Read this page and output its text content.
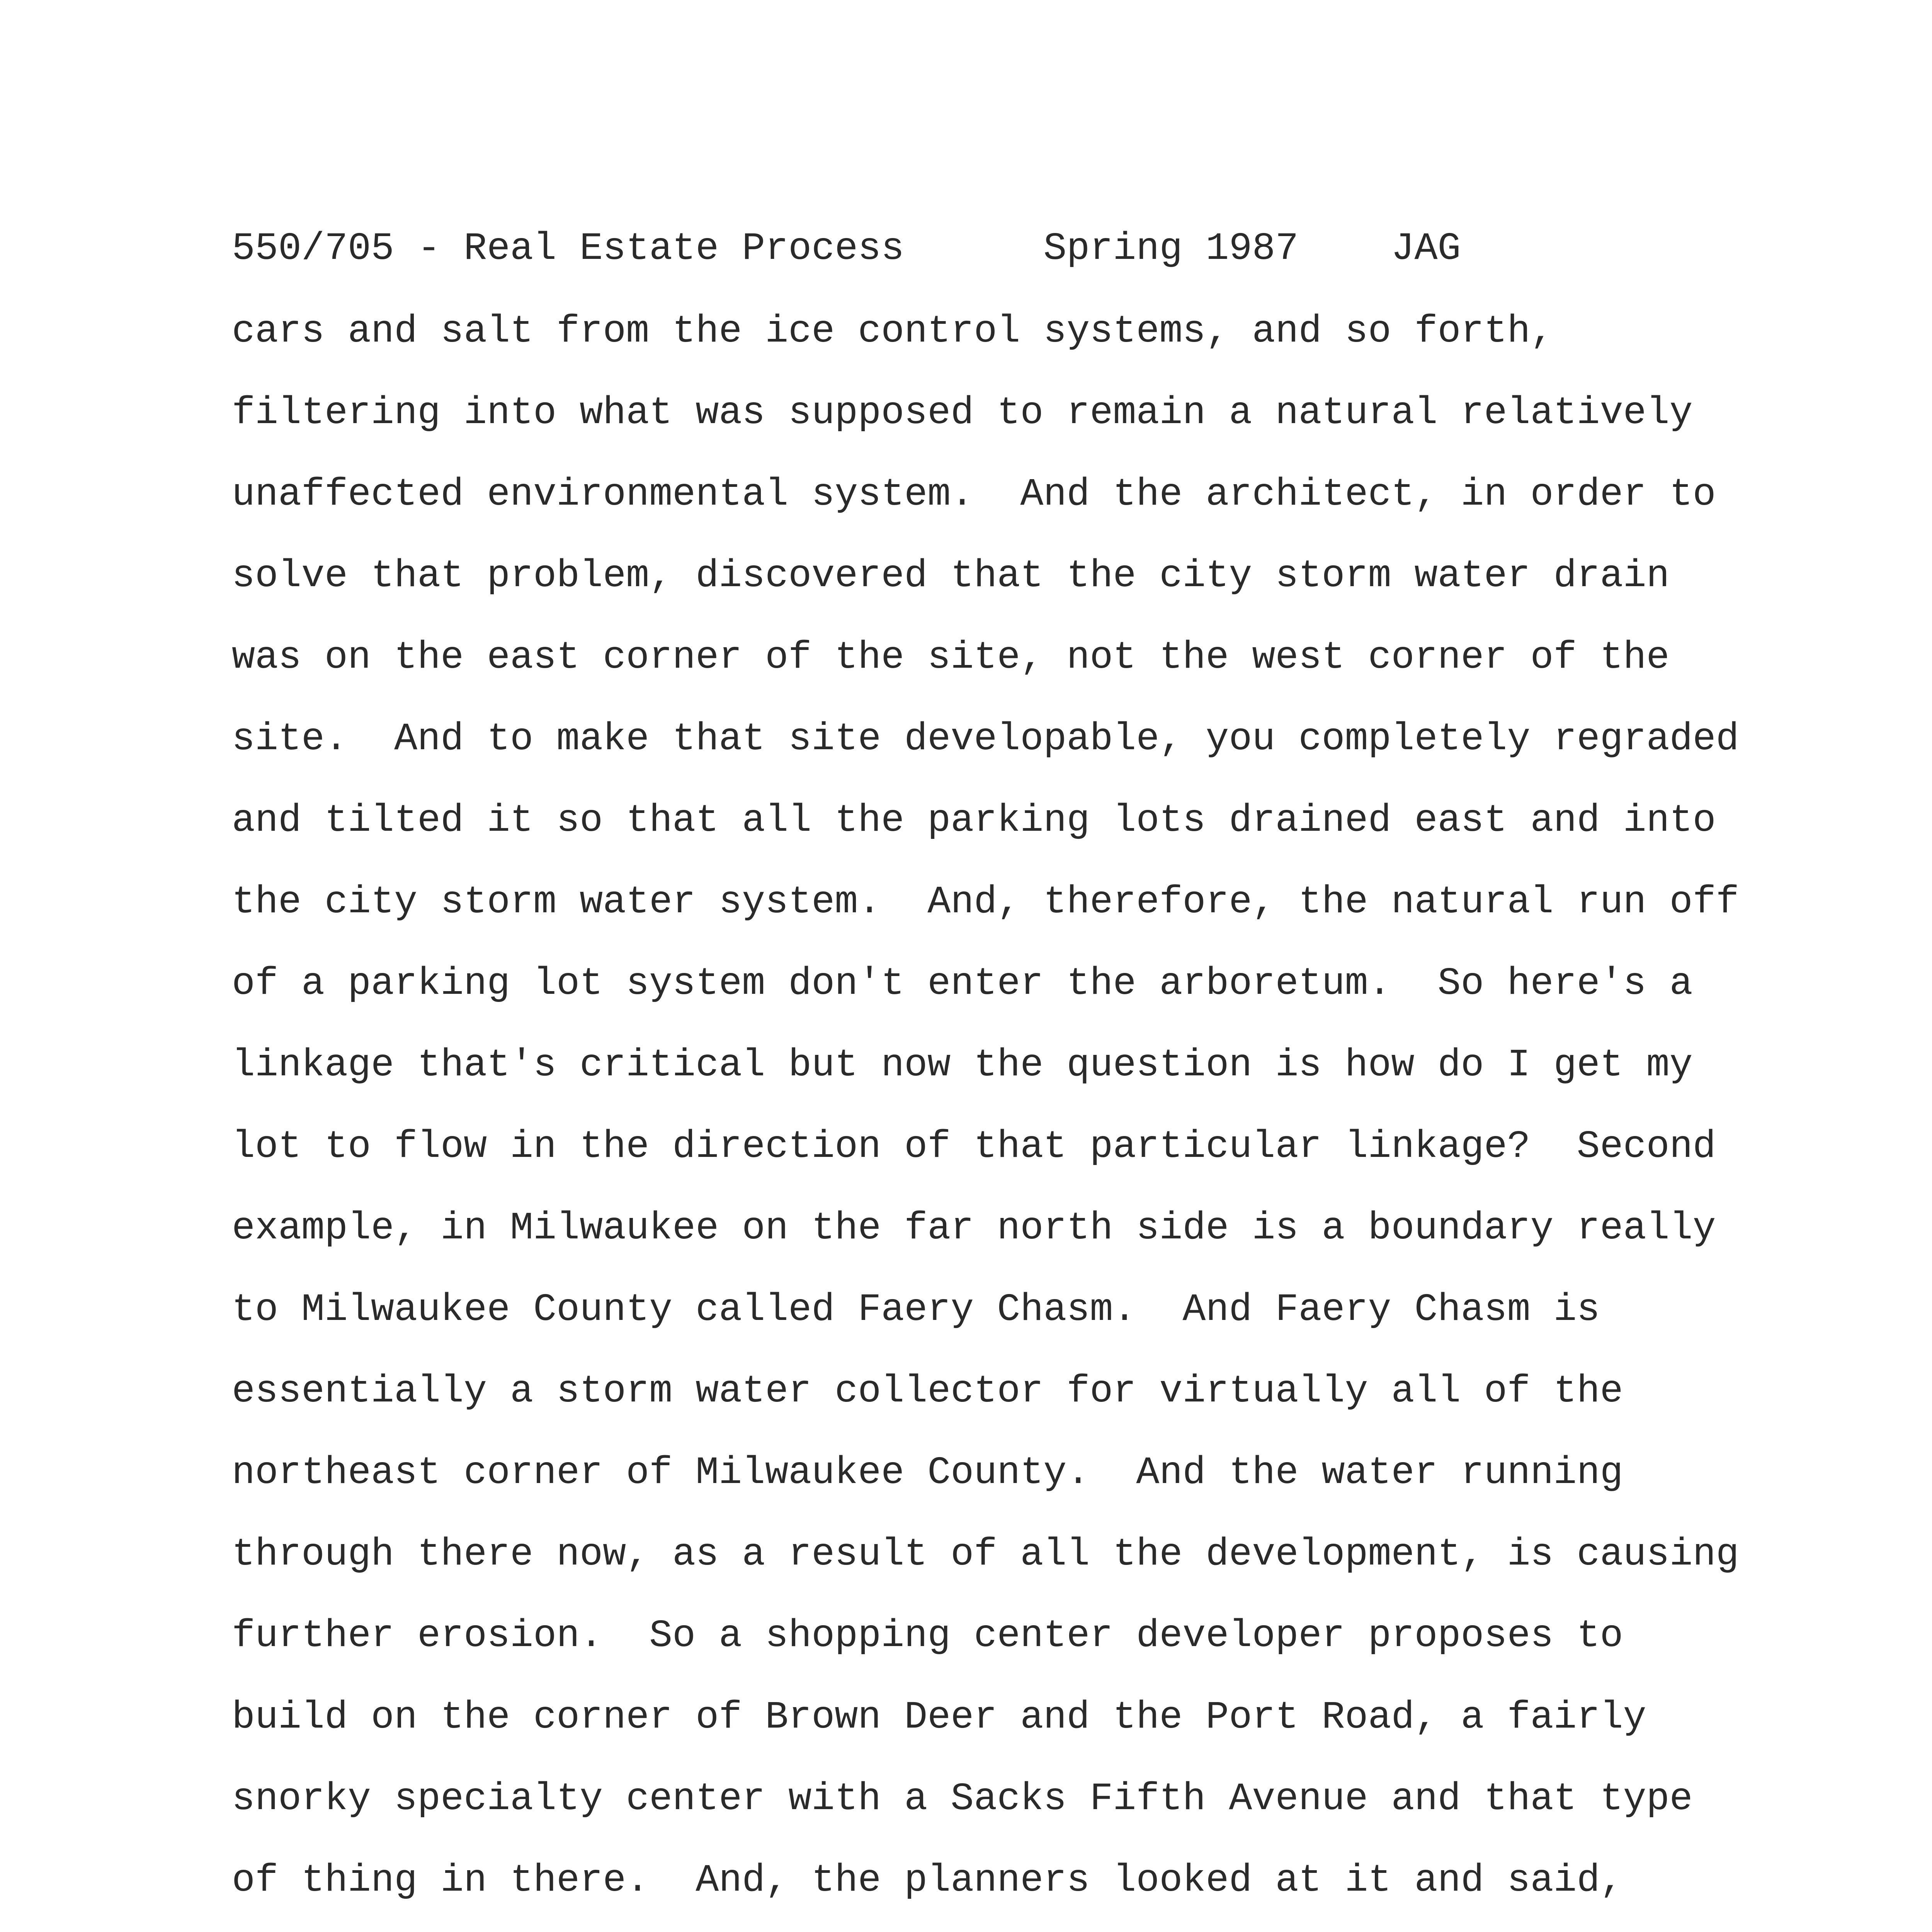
550/705 - Real Estate Process	Spring 1987 JAG
cars and salt from the ice control systems, and so forth,
filtering into what was supposed to remain a natural relatively
unaffected environmental system.  And the architect, in order to
solve that problem, discovered that the city storm water drain
was on the east corner of the site, not the west corner of the
site.  And to make that site developable, you completely regraded
and tilted it so that all the parking lots drained east and into
the city storm water system.  And, therefore, the natural run off
of a parking lot system don't enter the arboretum.  So here's a
linkage that's critical but now the question is how do I get my
lot to flow in the direction of that particular linkage?  Second
example, in Milwaukee on the far north side is a boundary really
to Milwaukee County called Faery Chasm.  And Faery Chasm is
essentially a storm water collector for virtually all of the
northeast corner of Milwaukee County.  And the water running
through there now, as a result of all the development, is causing
further erosion.  So a shopping center developer proposes to
build on the corner of Brown Deer and the Port Road, a fairly
snorky specialty center with a Sacks Fifth Avenue and that type
of thing in there.  And, the planners looked at it and said,
